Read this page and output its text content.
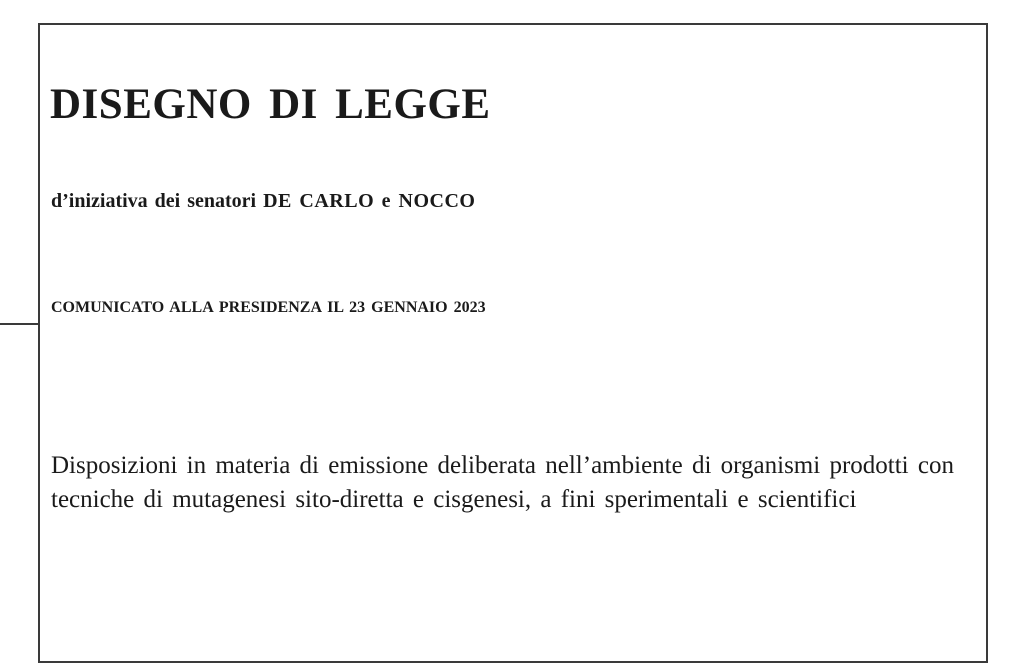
DISEGNO DI LEGGE

d’iniziativa dei senatori DE CARLO e NOCCO

COMUNICATO ALLA PRESIDENZA IL 23 GENNAIO 2023

Disposizioni in materia di emissione deliberata nell’ambiente di organismi prodotti con tecniche di mutagenesi sito-diretta e cisgenesi, a fini sperimentali e scientifici
